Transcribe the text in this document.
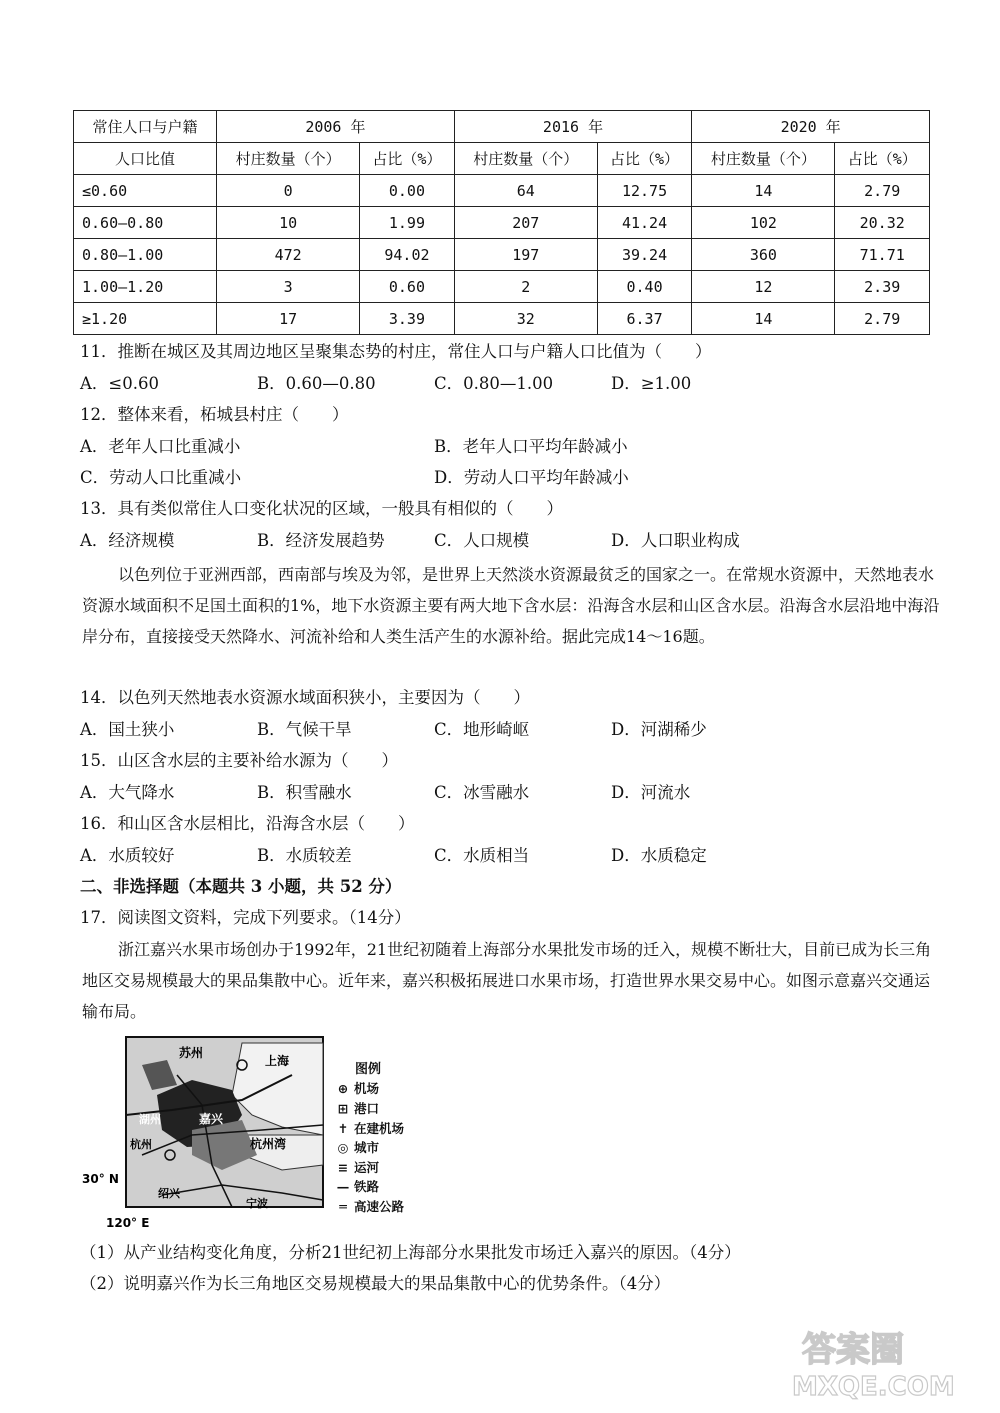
常住人口与户籍	2006 年		2016 年		2020 年	
人口比值	村庄数量（个）	占比（%）	村庄数量（个）	占比（%）	村庄数量（个）	占比（%）
≤0.60	0	0.00	64	12.75	14	2.79
0.60—0.80	10	1.99	207	41.24	102	20.32
0.80—1.00	472	94.02	197	39.24	360	71.71
1.00—1.20	3	0.60	2	0.40	12	2.39
≥1.20	17	3.39	32	6.37	14	2.79
11．推断在城区及其周边地区呈聚集态势的村庄，常住人口与户籍人口比值为（　　）
A．≤0.60	B．0.60—0.80	C．0.80—1.00	D．≥1.00
12．整体来看，柘城县村庄（　　）
A．老年人口比重减小	B．老年人口平均年龄减小
C．劳动人口比重减小	D．劳动人口平均年龄减小
13．具有类似常住人口变化状况的区域，一般具有相似的（　　）
A．经济规模	B．经济发展趋势	C．人口规模	D．人口职业构成
以色列位于亚洲西部，西南部与埃及为邻，是世界上天然淡水资源最贫乏的国家之一。在常规水资源中，天然地表水资源水域面积不足国土面积的1%，地下水资源主要有两大地下含水层：沿海含水层和山区含水层。沿海含水层沿地中海沿岸分布，直接接受天然降水、河流补给和人类生活产生的水源补给。据此完成14～16题。
14．以色列天然地表水资源水域面积狭小，主要因为（　　）
A．国土狭小	B．气候干旱	C．地形崎岖	D．河湖稀少
15．山区含水层的主要补给水源为（　　）
A．大气降水	B．积雪融水	C．冰雪融水	D．河流水
16．和山区含水层相比，沿海含水层（　　）
A．水质较好	B．水质较差	C．水质相当	D．水质稳定
二、非选择题（本题共 3 小题，共 52 分）
17．阅读图文资料，完成下列要求。（14分）
浙江嘉兴水果市场创办于1992年，21世纪初随着上海部分水果批发市场的迁入，规模不断壮大，目前已成为长三角地区交易规模最大的果品集散中心。近年来，嘉兴积极拓展进口水果市场，打造世界水果交易中心。如图示意嘉兴交通运输布局。
苏州
上海
湖州	嘉兴
杭州	杭州湾
绍兴
宁波
30° N
120° E
图例
⊕ 机场
⊞ 港口
✝ 在建机场
◎ 城市
≡ 运河
— 铁路
═ 高速公路
（1）从产业结构变化角度，分析21世纪初上海部分水果批发市场迁入嘉兴的原因。（4分）
（2）说明嘉兴作为长三角地区交易规模最大的果品集散中心的优势条件。（4分）
答案圈
MXQE.COM
